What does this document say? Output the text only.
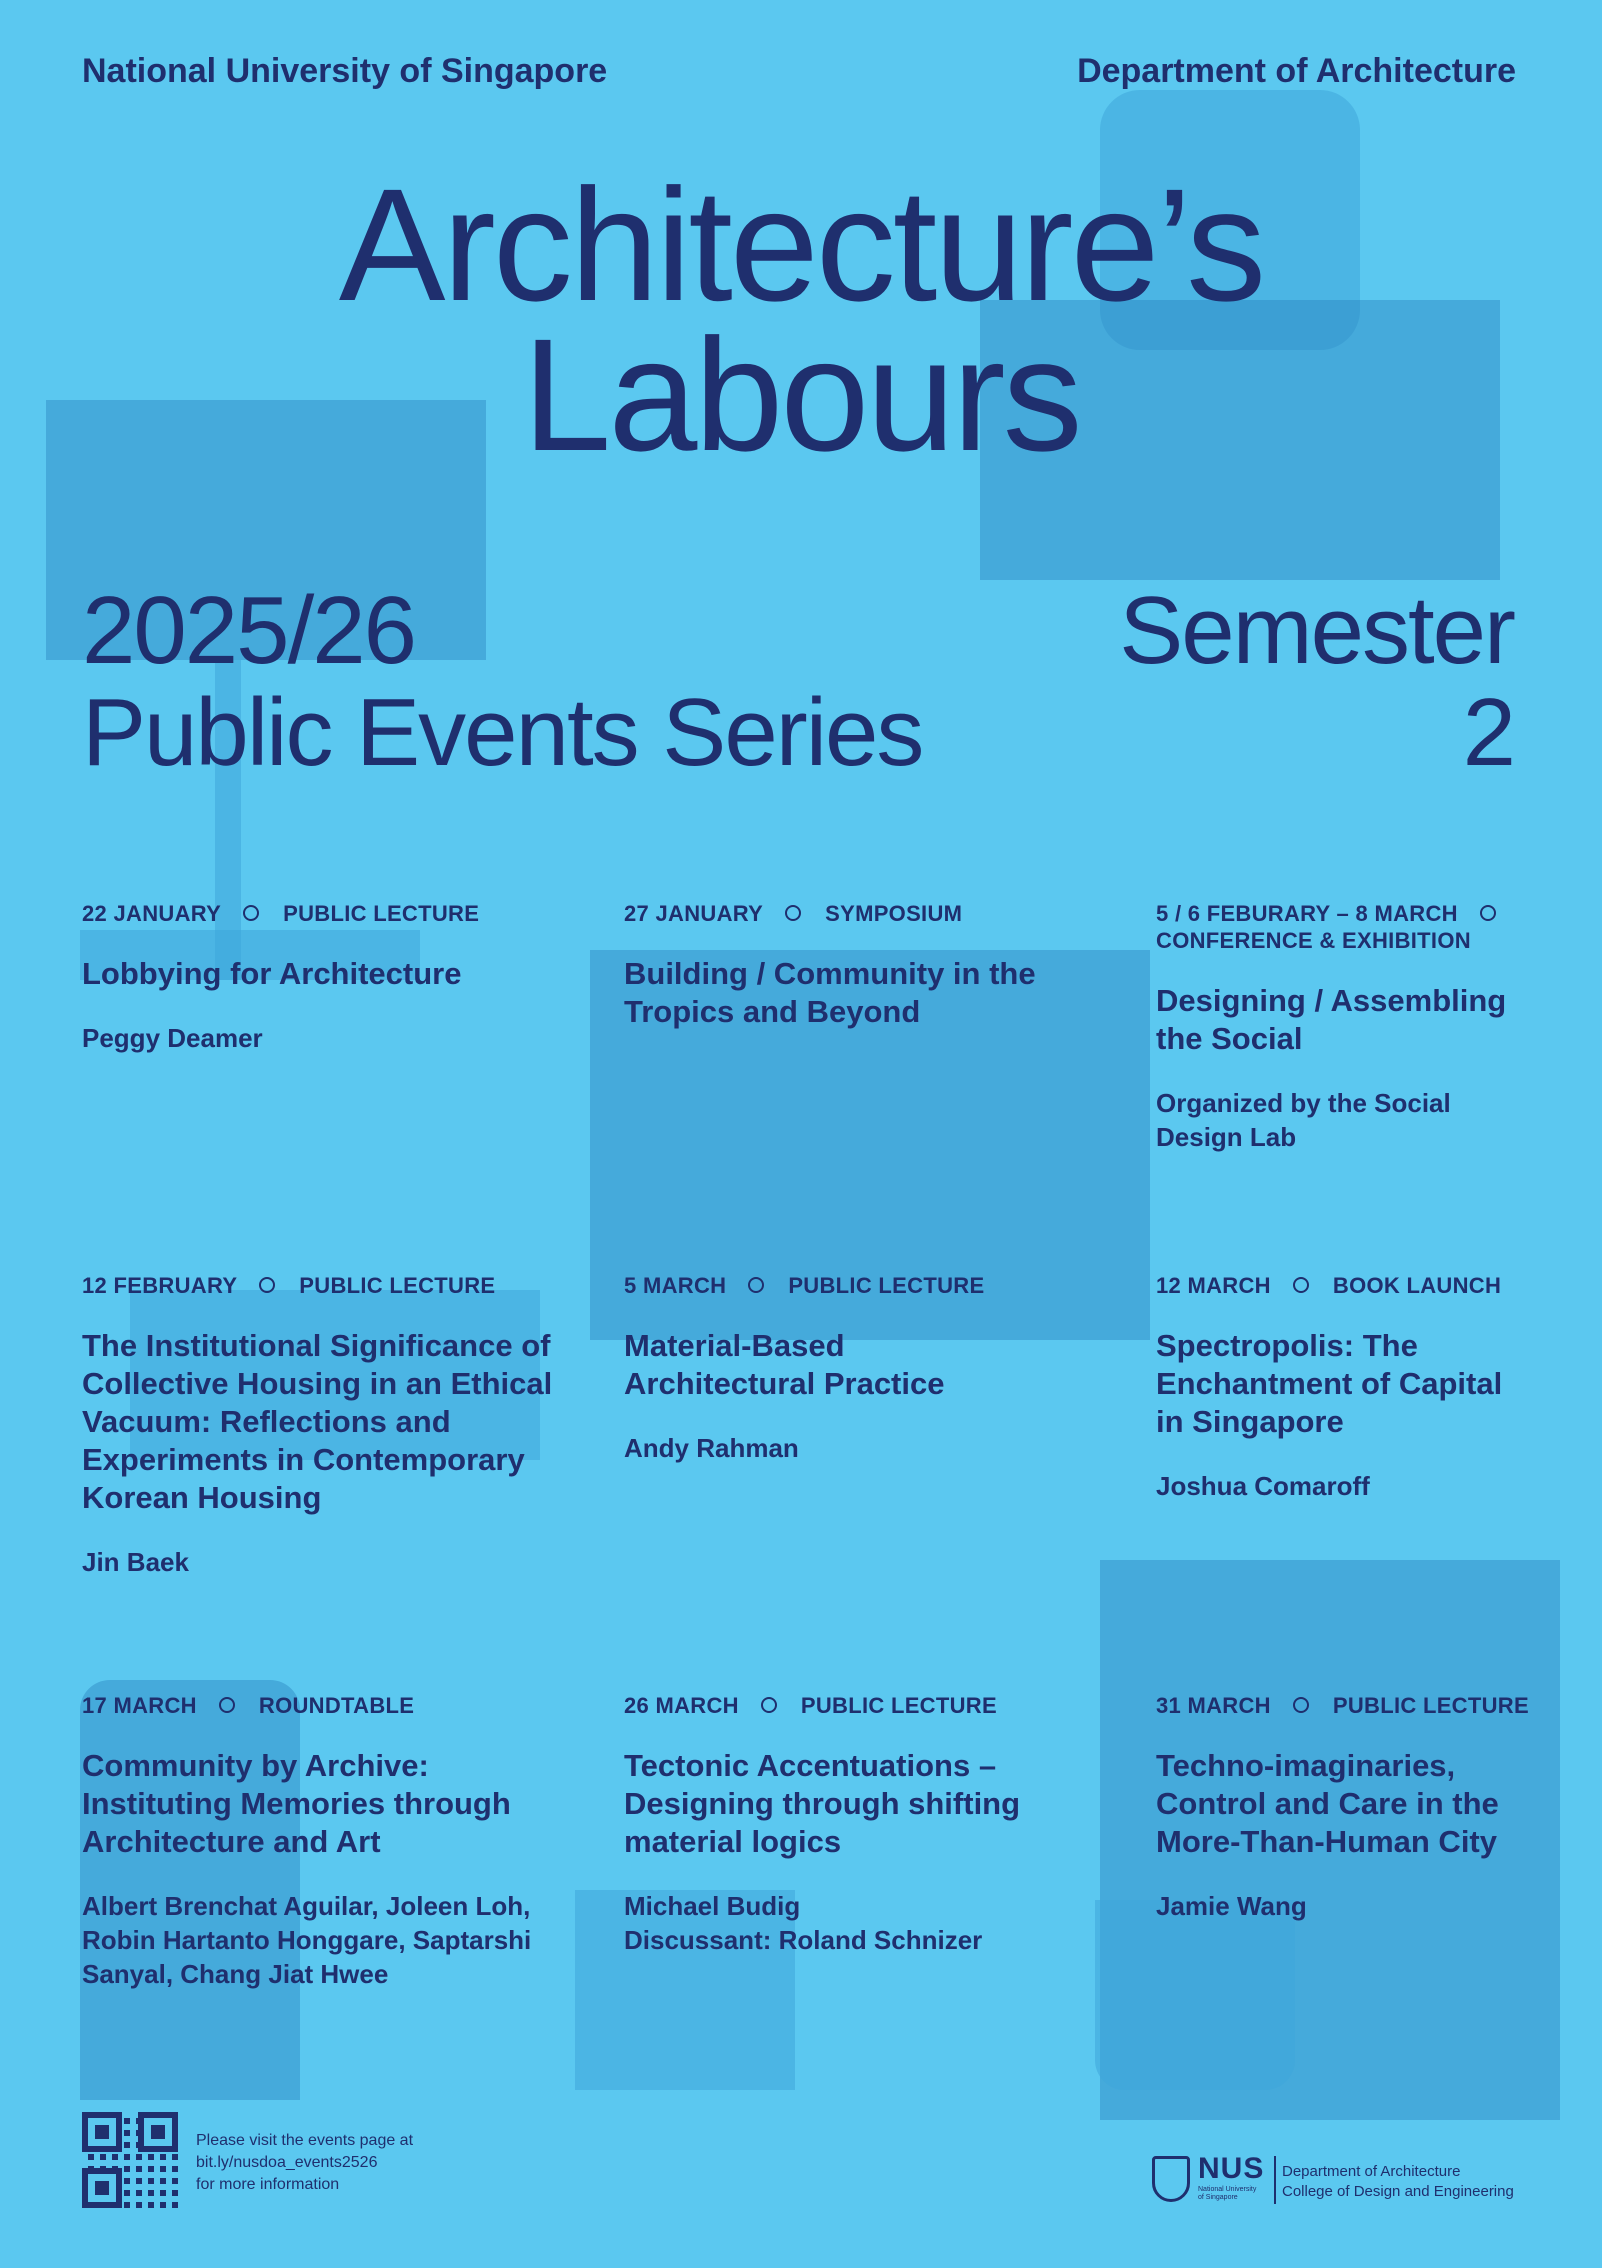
National University of Singapore	Department of Architecture
Architecture’s
Labours
2025/26
Public Events Series
Semester
2
22 JANUARY	PUBLIC LECTURE
Lobbying for Architecture
Peggy Deamer
27 JANUARY	SYMPOSIUM
Building / Community in the Tropics and Beyond
5 / 6 FEBURARY – 8 MARCH
CONFERENCE & EXHIBITION
Designing / Assembling the Social
Organized by the Social Design Lab
12 FEBRUARY	PUBLIC LECTURE
The Institutional Significance of Collective Housing in an Ethical Vacuum: Reflections and Experiments in Contemporary Korean Housing
Jin Baek
5 MARCH	PUBLIC LECTURE
Material-Based Architectural Practice
Andy Rahman
12 MARCH	BOOK LAUNCH
Spectropolis: The Enchantment of Capital in Singapore
Joshua Comaroff
17 MARCH	ROUNDTABLE
Community by Archive: Instituting Memories through Architecture and Art
Albert Brenchat Aguilar, Joleen Loh, Robin Hartanto Honggare, Saptarshi Sanyal, Chang Jiat Hwee
26 MARCH	PUBLIC LECTURE
Tectonic Accentuations – Designing through shifting material logics
Michael Budig
Discussant: Roland Schnizer
31 MARCH	PUBLIC LECTURE
Techno-imaginaries, Control and Care in the More-Than-Human City
Jamie Wang
Please visit the events page at
bit.ly/nusdoa_events2526
for more information	NUS
National University of Singapore
Department of Architecture
College of Design and Engineering
